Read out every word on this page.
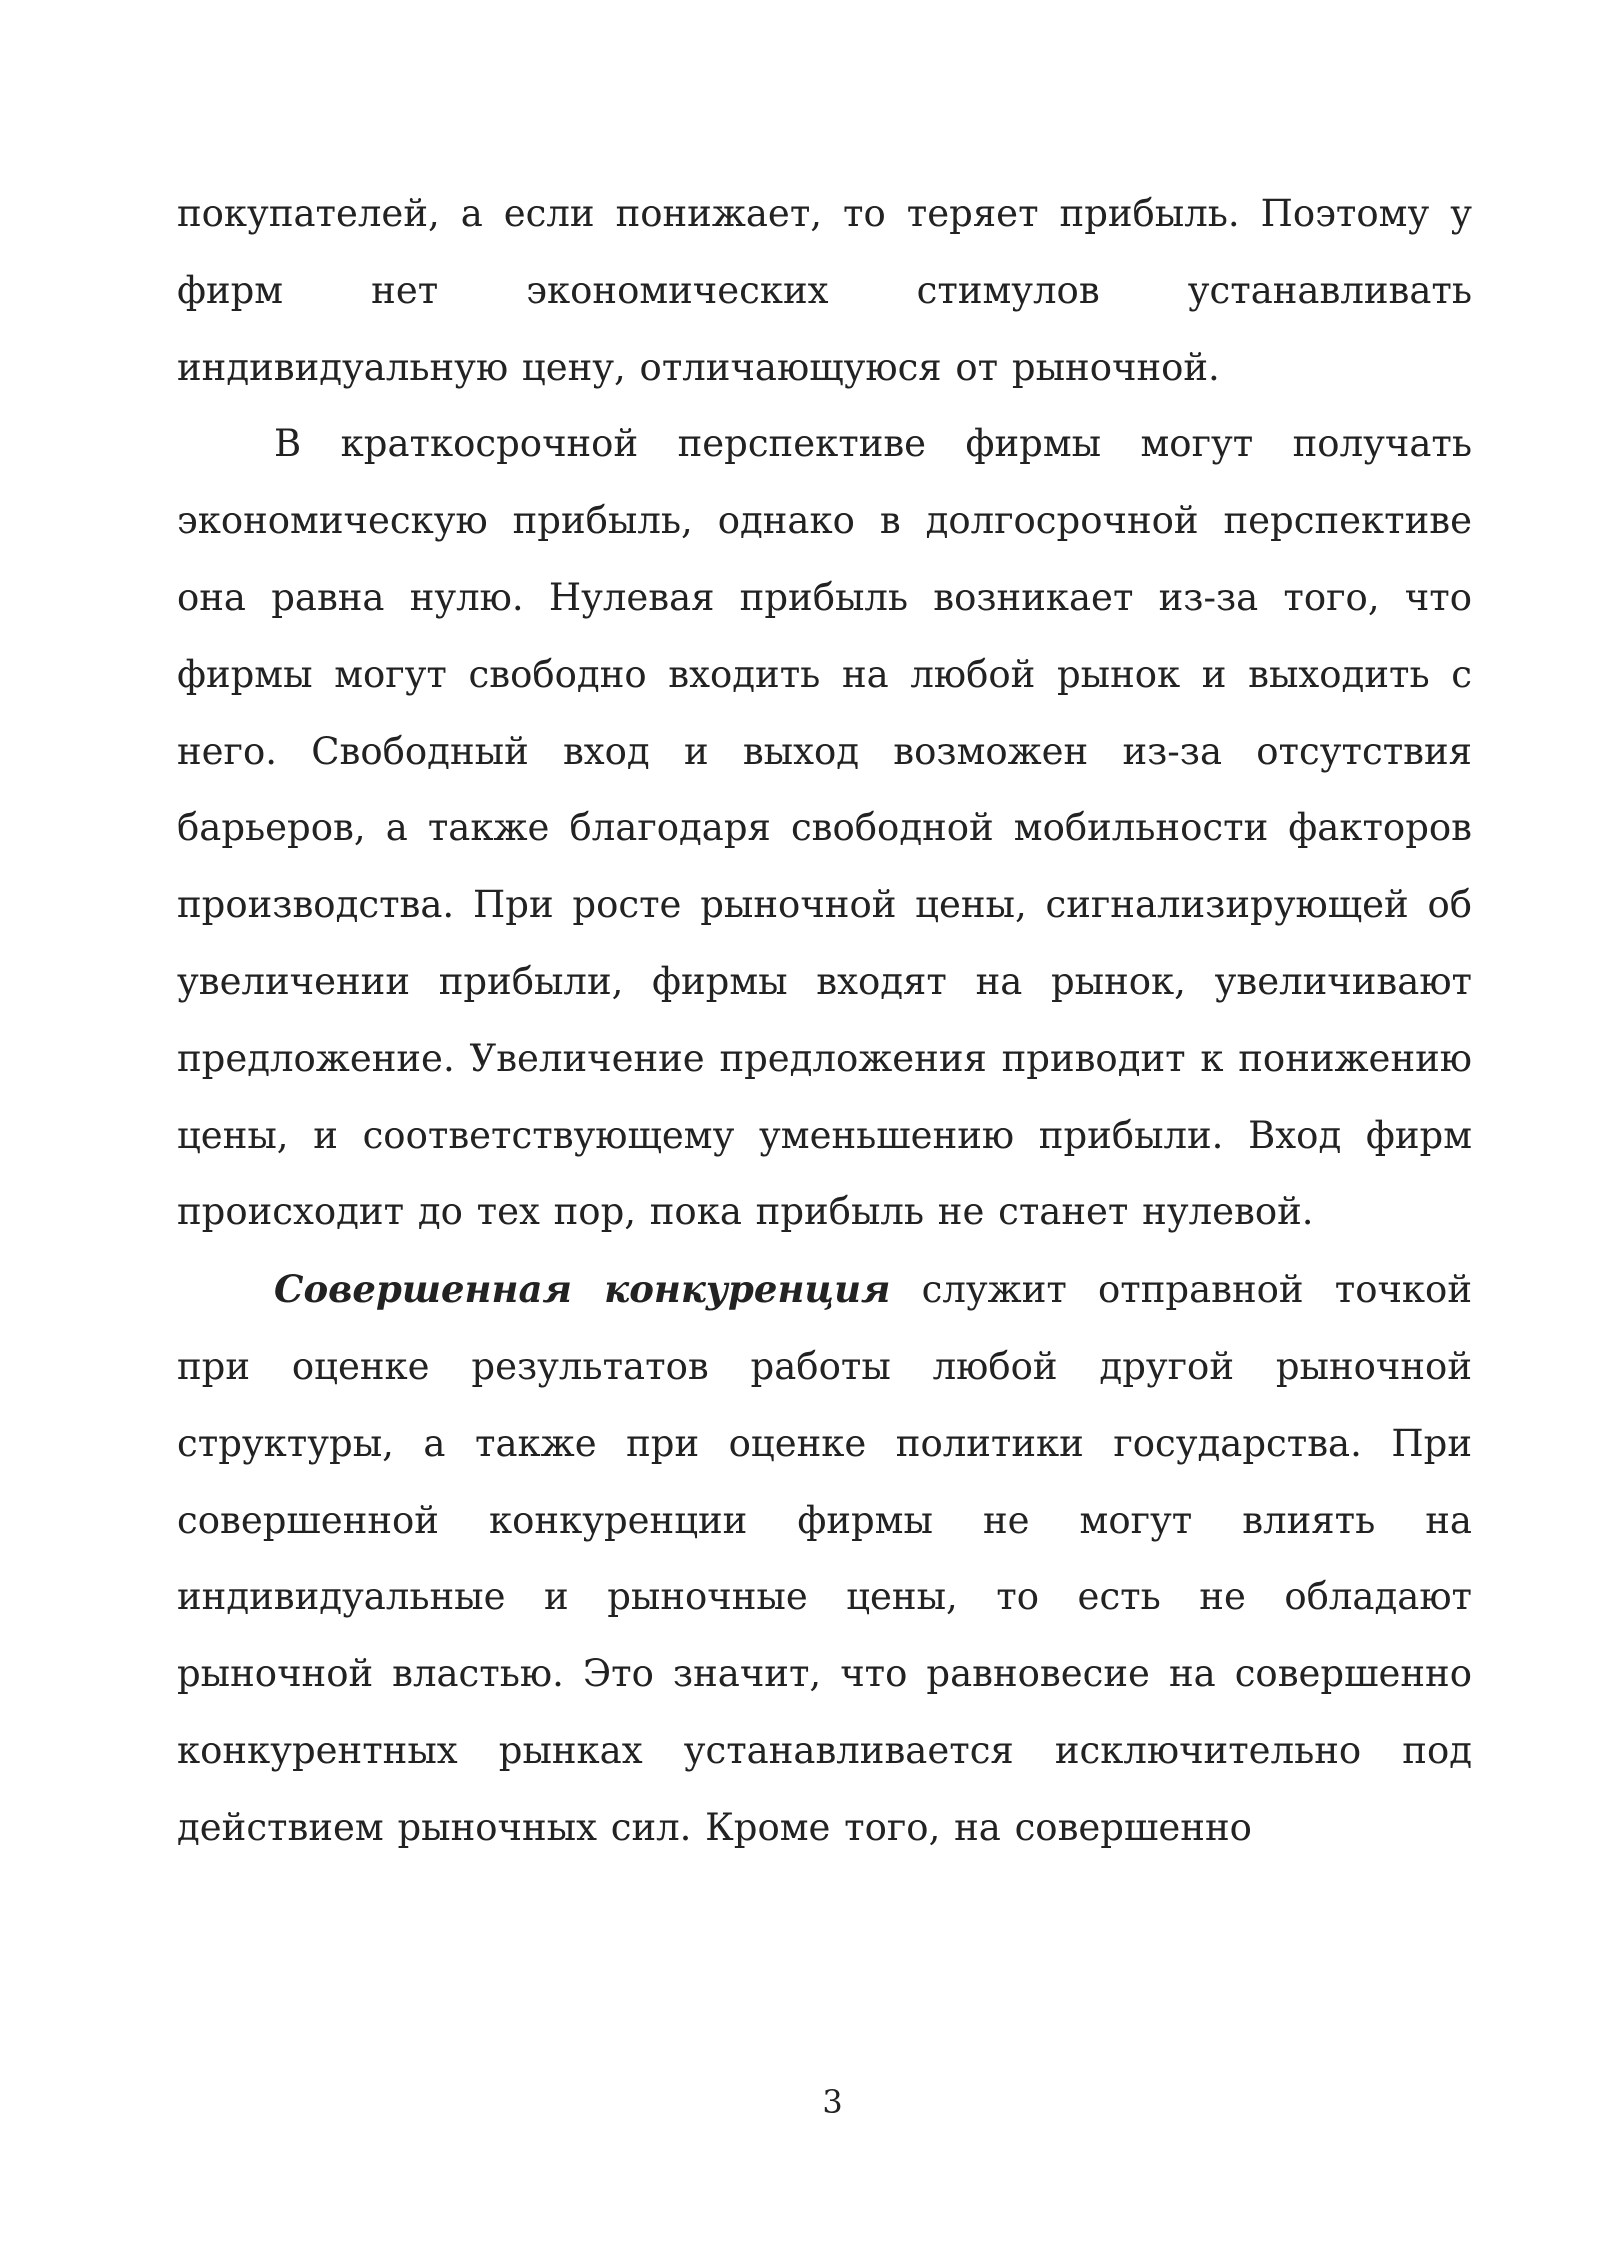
покупателей, а если понижает, то теряет прибыль. Поэтому у фирм нет экономических стимулов устанавливать индивидуальную цену, отличающуюся от рыночной.

В краткосрочной перспективе фирмы могут получать экономическую прибыль, однако в долгосрочной перспективе она равна нулю. Нулевая прибыль возникает из-за того, что фирмы могут свободно входить на любой рынок и выходить с него. Свободный вход и выход возможен из-за отсутствия барьеров, а также благодаря свободной мобильности факторов производства. При росте рыночной цены, сигнализирующей об увеличении прибыли, фирмы входят на рынок, увеличивают предложение. Увеличение предложения приводит к понижению цены, и соответствующему уменьшению прибыли. Вход фирм происходит до тех пор, пока прибыль не станет нулевой.

Совершенная конкуренция служит отправной точкой при оценке результатов работы любой другой рыночной структуры, а также при оценке политики государства. При совершенной конкуренции фирмы не могут влиять на индивидуальные и рыночные цены, то есть не обладают рыночной властью. Это значит, что равновесие на совершенно конкурентных рынках устанавливается исключительно под действием рыночных сил. Кроме того, на совершенно

3
